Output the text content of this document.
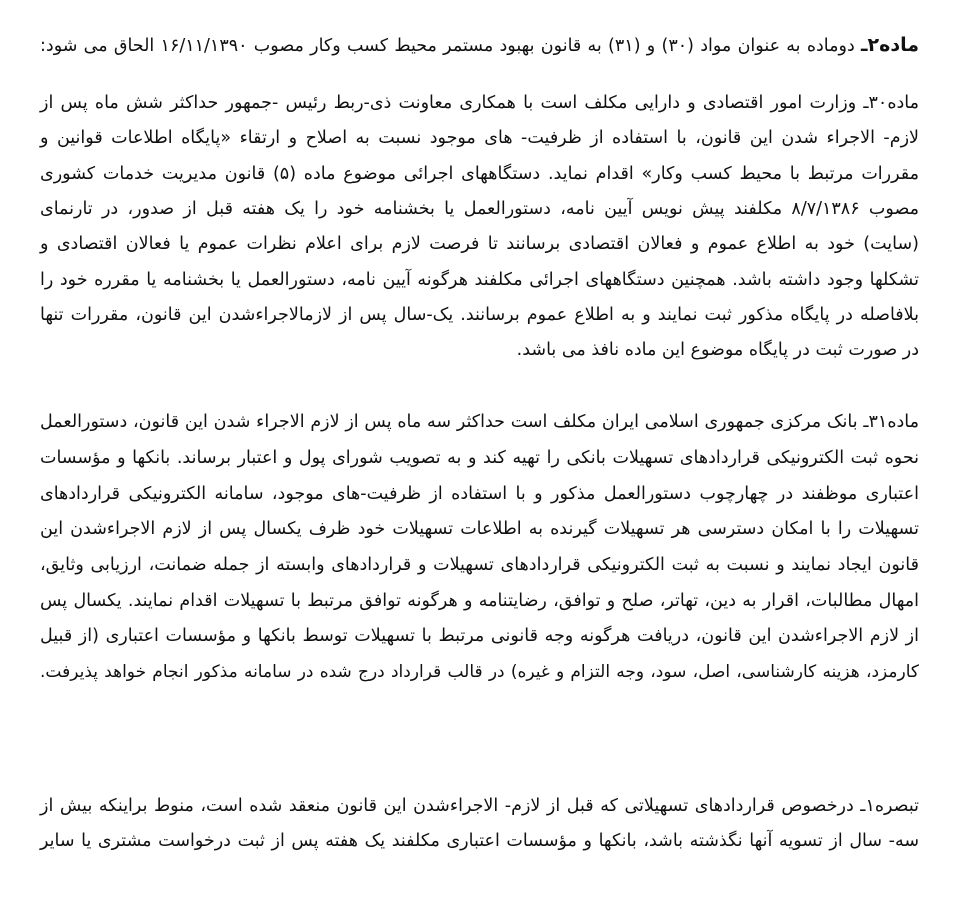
ماده۲ـ دوماده به عنوان مواد (۳۰) و (۳۱) به قانون بهبود مستمر محیط کسب وکار مصوب ۱۶/۱۱/۱۳۹۰ الحاق می شود:
ماده۳۰ـ وزارت امور اقتصادی و دارایی مکلف است با همکاری معاونت ذی-ربط رئیس -جمهور حداکثر شش ماه پس از
لازم- الاجراء شدن این قانون، با استفاده از ظرفیت- های موجود نسبت به اصلاح و ارتقاء «پایگاه اطلاعات قوانین و
مقررات مرتبط با محیط کسب وکار» اقدام نماید. دستگاههای اجرائی موضوع ماده (۵) قانون مدیریت خدمات کشوری
مصوب ۸/۷/۱۳۸۶ مکلفند پیش نویس آیین نامه، دستورالعمل یا بخشنامه خود را یک هفته قبل از صدور، در تارنمای
(سایت) خود به اطلاع عموم و فعالان اقتصادی برسانند تا فرصت لازم برای اعلام نظرات عموم یا فعالان اقتصادی و
تشکلها وجود داشته باشد. همچنین دستگاههای اجرائی مکلفند هرگونه آیین نامه، دستورالعمل یا بخشنامه یا مقرره خود را
بلافاصله در پایگاه مذکور ثبت نمایند و به اطلاع عموم برسانند. یک-سال پس از لازمالاجراءشدن این قانون، مقررات تنها
در صورت ثبت در پایگاه موضوع این ماده نافذ می باشد.
ماده۳۱ـ بانک مرکزی جمهوری اسلامی ایران مکلف است حداکثر سه ماه پس از لازم الاجراء شدن این قانون، دستورالعمل
نحوه ثبت الکترونیکی قراردادهای تسهیلات بانکی را تهیه کند و به تصویب شورای پول و اعتبار برساند. بانکها و مؤسسات
اعتباری موظفند در چهارچوب دستورالعمل مذکور و با استفاده از ظرفیت-های موجود، سامانه الکترونیکی قراردادهای
تسهیلات را با امکان دسترسی هر تسهیلات گیرنده به اطلاعات تسهیلات خود ظرف یکسال پس از لازم الاجراءشدن این
قانون ایجاد نمایند و نسبت به ثبت الکترونیکی قراردادهای تسهیلات و قراردادهای وابسته از جمله ضمانت، ارزیابی وثایق،
امهال مطالبات، اقرار به دین، تهاتر، صلح و توافق، رضایتنامه و هرگونه توافق مرتبط با تسهیلات اقدام نمایند. یکسال پس
از لازم الاجراءشدن این قانون، دریافت هرگونه وجه قانونی مرتبط با تسهیلات توسط بانکها و مؤسسات اعتباری (از قبیل
کارمزد، هزینه کارشناسی، اصل، سود، وجه التزام و غیره) در قالب قرارداد درج شده در سامانه مذکور انجام خواهد پذیرفت.
تبصره۱ـ درخصوص قراردادهای تسهیلاتی که قبل از لازم- الاجراءشدن این قانون منعقد شده است، منوط براینکه بیش از
سه- سال از تسویه آنها نگذشته باشد، بانکها و مؤسسات اعتباری مکلفند یک هفته پس از ثبت درخواست مشتری یا سایر
